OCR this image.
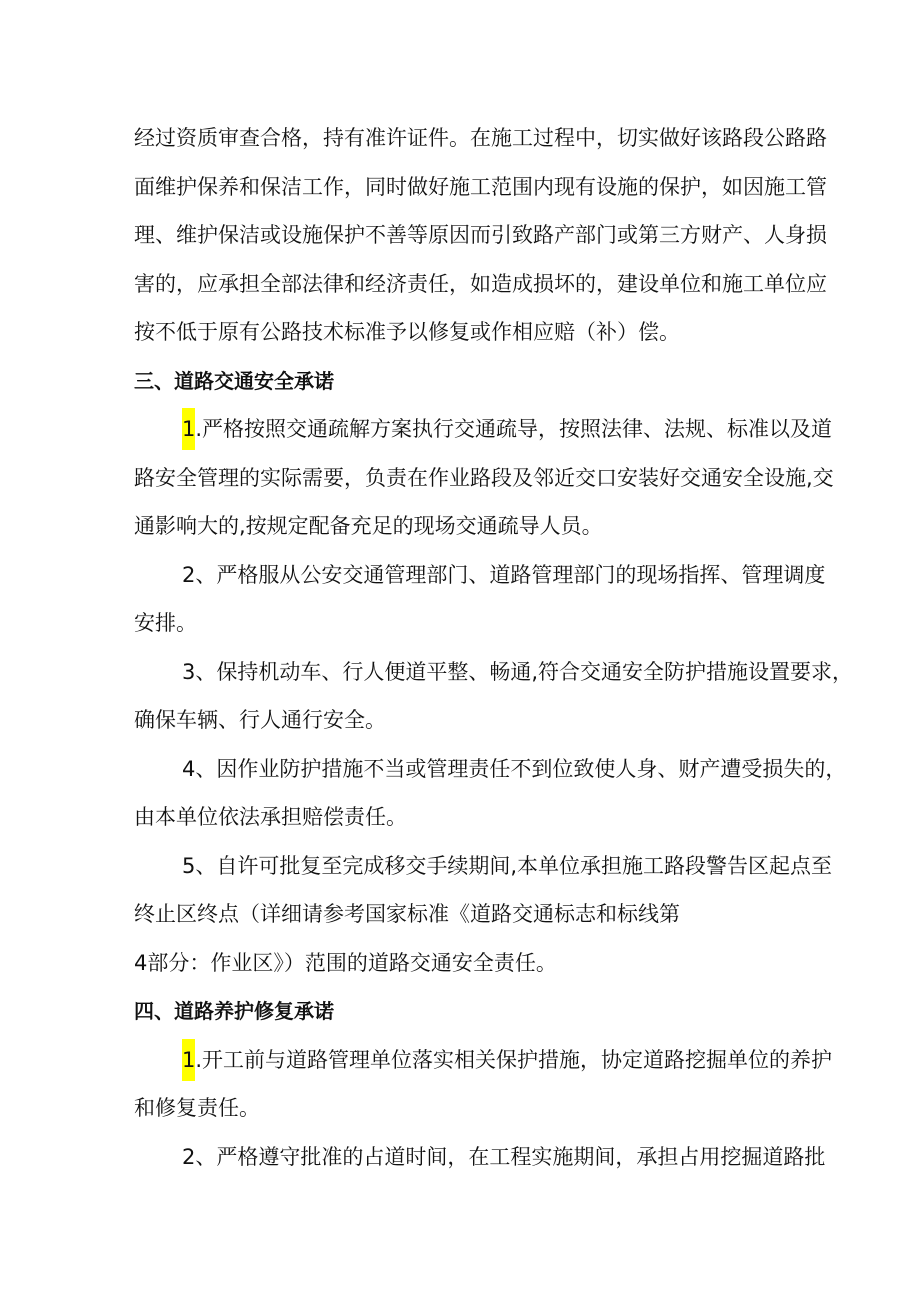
经过资质审查合格，持有准许证件。在施工过程中，切实做好该路段公路路
面维护保养和保洁工作，同时做好施工范围内现有设施的保护，如因施工管
理、维护保洁或设施保护不善等原因而引致路产部门或第三方财产、人身损
害的，应承担全部法律和经济责任，如造成损坏的，建设单位和施工单位应
按不低于原有公路技术标准予以修复或作相应赔（补）偿。
三、道路交通安全承诺
1.严格按照交通疏解方案执行交通疏导，按照法律、法规、标准以及道
路安全管理的实际需要，负责在作业路段及邻近交口安装好交通安全设施,交
通影响大的,按规定配备充足的现场交通疏导人员。
2、严格服从公安交通管理部门、道路管理部门的现场指挥、管理调度
安排。
3、保持机动车、行人便道平整、畅通,符合交通安全防护措施设置要求，
确保车辆、行人通行安全。
4、因作业防护措施不当或管理责任不到位致使人身、财产遭受损失的，
由本单位依法承担赔偿责任。
5、自许可批复至完成移交手续期间,本单位承担施工路段警告区起点至
终止区终点（详细请参考国家标准《道路交通标志和标线第
4部分：作业区》）范围的道路交通安全责任。
四、道路养护修复承诺
1.开工前与道路管理单位落实相关保护措施，协定道路挖掘单位的养护
和修复责任。
2、严格遵守批准的占道时间，在工程实施期间，承担占用挖掘道路批
